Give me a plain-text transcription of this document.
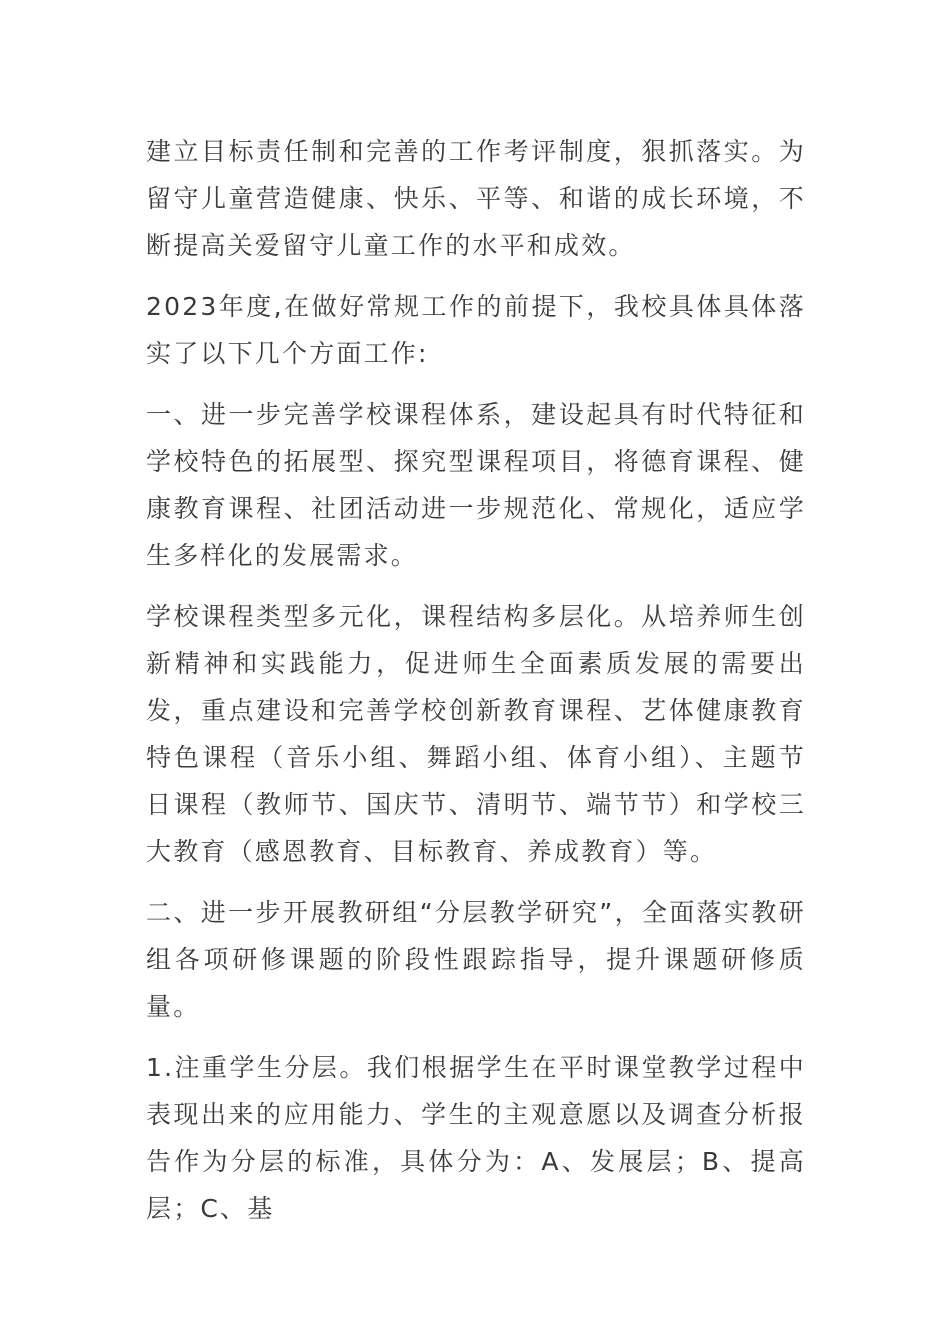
建立目标责任制和完善的工作考评制度，狠抓落实。为留守儿童营造健康、快乐、平等、和谐的成长环境，不断提高关爱留守儿童工作的水平和成效。

2023年度,在做好常规工作的前提下，我校具体具体落实了以下几个方面工作:

一、进一步完善学校课程体系，建设起具有时代特征和学校特色的拓展型、探究型课程项目，将德育课程、健康教育课程、社团活动进一步规范化、常规化，适应学生多样化的发展需求。

学校课程类型多元化，课程结构多层化。从培养师生创新精神和实践能力，促进师生全面素质发展的需要出发，重点建设和完善学校创新教育课程、艺体健康教育特色课程（音乐小组、舞蹈小组、体育小组）、主题节日课程（教师节、国庆节、清明节、端节节）和学校三大教育（感恩教育、目标教育、养成教育）等。

二、进一步开展教研组“分层教学研究”，全面落实教研组各项研修课题的阶段性跟踪指导，提升课题研修质量。

1.注重学生分层。我们根据学生在平时课堂教学过程中表现出来的应用能力、学生的主观意愿以及调查分析报告作为分层的标准，具体分为：A、发展层；B、提高层；C、基
